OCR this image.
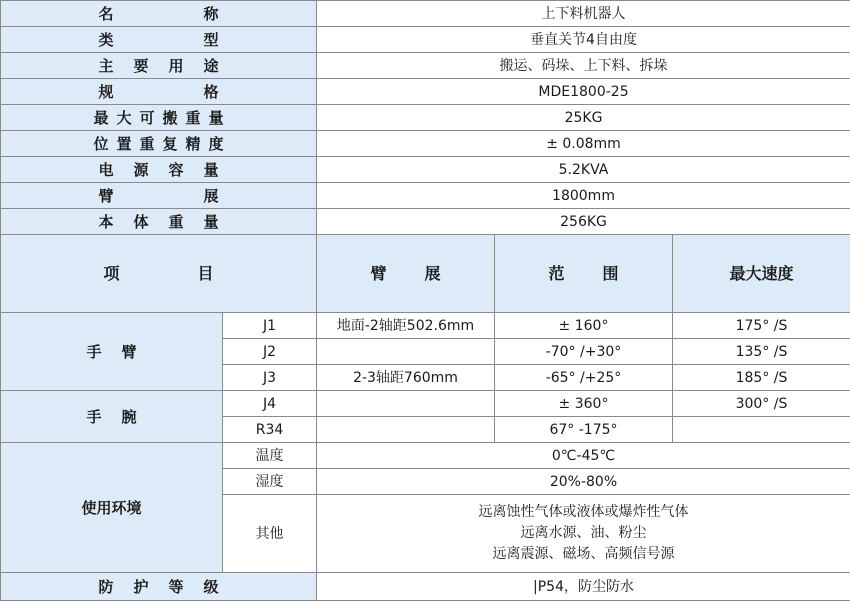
名 称		上下料机器人		

类 型		垂直关节4自由度		

主 要 用 途		搬运、码垛、上下料、拆垛		

规 格		MDE1800-25		

最大可搬重量		25KG		

位置重复精度		± 0.08mm		

电 源 容 量		5.2KVA		

臂 展		1800mm		

本 体 重 量		256KG		

项 目		臂 展	范 围	最大速度

手 臂	J1	地面-2轴距502.6mm	± 160°	175° /S
	J2		-70° /+30°	135° /S
	J3	2-3轴距760mm	-65° /+25°	185° /S

手 腕	J4		± 360°	300° /S
	R34		67° -175°	
使用环境	温度	0℃-45℃		
	湿度	20%-80%		
	其他	远离蚀性气体或液体或爆炸性气体
远离水源、油、粉尘
远离震源、磁场、高频信号源		

防 护 等 级		|P54，防尘防水		
